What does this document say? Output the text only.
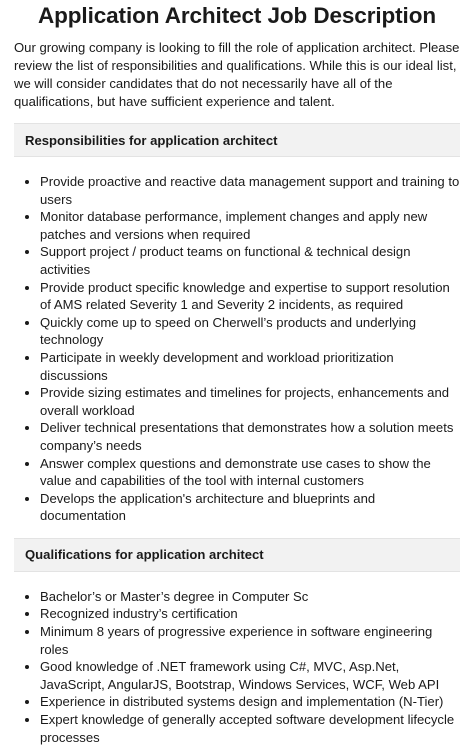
Application Architect Job Description

Our growing company is looking to fill the role of application architect. Please review the list of responsibilities and qualifications. While this is our ideal list, we will consider candidates that do not necessarily have all of the qualifications, but have sufficient experience and talent.

Responsibilities for application architect
• Provide proactive and reactive data management support and training to users
• Monitor database performance, implement changes and apply new patches and versions when required
• Support project / product teams on functional & technical design activities
• Provide product specific knowledge and expertise to support resolution of AMS related Severity 1 and Severity 2 incidents, as required
• Quickly come up to speed on Cherwell’s products and underlying technology
• Participate in weekly development and workload prioritization discussions
• Provide sizing estimates and timelines for projects, enhancements and overall workload
• Deliver technical presentations that demonstrates how a solution meets company’s needs
• Answer complex questions and demonstrate use cases to show the value and capabilities of the tool with internal customers
• Develops the application's architecture and blueprints and documentation
Qualifications for application architect
• Bachelor’s or Master’s degree in Computer Sc
• Recognized industry’s certification
• Minimum 8 years of progressive experience in software engineering roles
• Good knowledge of .NET framework using C#, MVC, Asp.Net, JavaScript, AngularJS, Bootstrap, Windows Services, WCF, Web API
• Experience in distributed systems design and implementation (N-Tier)
• Expert knowledge of generally accepted software development lifecycle processes
